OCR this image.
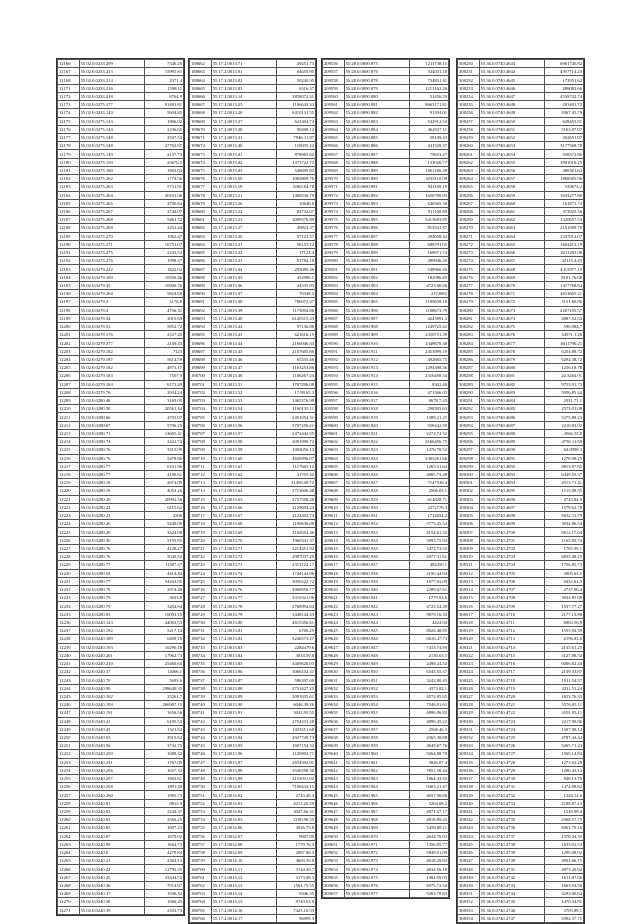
12166	55.02.0.0233.209	7346.26
12167	55.02.0.0233.213	15995.81
12168	55.02.0.0233.214	2371.4
12171	55.02.0.0233.216	1598.11
12172	55.02.0.0233.218	8764.9
12173	55.02.0.0275.177	91491.81
12174	55.02.0.0233.143	5604.85
12175	55.02.0.0275.143	1806.02
12176	55.02.0.0275.144	2236.65
12177	55.02.0.0275.148	2537.53
12178	55.02.0.0275.148	27762.87
12179	55.02.0.0275.149	2137.73
12180	55.02.0.0275.150	25676.5
12181	55.02.0.0275.160	1802.04
12182	55.02.0.0275.262	1774.56
12183	55.02.0.0275.263	5731.91
12184	55.02.0.0275.264	30101.06
12185	55.02.0.0275.265	3700.82
12186	55.02.0.0275.267	3744.07
12187	55.02.0.0275.268	5461.72
12188	55.02.0.0275.269	2252.44
12189	55.02.0.0275.270	1962.47
12190	55.02.0.0275.271	16751.07
12191	55.02.0.0275.275	2243.53
12192	55.02.0.0275.276	1998.37
12193	55.02.0.0279.222	1822.02
12194	55.02.0.0279.100	10556.46
12195	55.02.0.0279.35	16906.76
12196	55.02.0.0279.264	5824.69
12197	55.02.0.0279.3	5176.8
12198	55.02.0.0279.4	4756.31
12199	55.02.0.0279.34	3015.69
12200	55.02.0.0279.53	5852.72
12201	55.02.0.0279.176	2337.45
12202	55.02.0.0279.377	2149.43
12203	55.02.0.0279.182	7123
12204	55.02.0.0279.187	5614.59
12205	55.02.0.0279.182	4873.17
12206	55.02.0.0279.183	7507.9
12207	55.02.0.0279.184	6173.49
12208	55.02.0.0279.76	2934.24
12209	55.02.0.0280.46	3169.05
12210	55.02.0.0280.50	20561.44
12211	55.02.0.0280.66	4705.07
12212	55.02.0.0280.67	5796.25
12213	55.02.0.0280.71	13605.41
12214	55.02.0.0280.74	2422.74
12215	55.02.0.0280.76	3315.99
12216	55.02.0.0280.76	5478.86
12217	55.02.0.0280.77	6101.96
12218	55.02.0.0280.77	4108.61
12219	55.02.0.0280.18	2674.09
12220	55.02.0.0280.19	4054.26
12221	55.02.0.0280.20	20992.56
12222	55.02.0.0280.22	6115.62
12223	55.02.0.0280.23	2506
12224	55.02.0.0280.26	5440.09
12225	55.02.0.0280.29	3324.08
12226	55.02.0.0280.30	5193.85
12227	55.02.0.0280.76	4128.27
12228	55.02.0.0280.76	5040.52
12229	55.02.0.0280.77	11587.37
12230	55.02.0.0280.58	4414.44
12231	55.02.0.0280.77	34433.65
12232	55.02.0.0280.78	2974.48
12233	55.02.0.0280.79	5633.8
12234	55.02.0.0280.79	3204.94
12235	55.02.0.0280.83	10093.15
12236	55.02.0.0240.143	44063.53
12237	55.02.0.0240.192	5217.14
12238	55.02.0.0240.189	6409.19
12239	55.02.0.0240.193	16290.18
12240	55.02.0.0240.201	17962.73
12241	55.02.0.0240.210	25460.65
12242	55.02.0.0240.37	14066.1
12243	55.02.0.0240.70	5693.6
12244	55.02.0.0240.90	298640.35
12245	55.02.0.0240.102	23261.7
12246	55.02.0.0240.104	266987.15
12247	55.02.0.0240.191	1656.56
12248	55.02.0.0240.41	6195.53
12249	55.02.0.0240.45	1321.62
12250	55.02.0.0240.55	2915.62
12251	55.02.0.0240.56	3742.75
12252	55.02.0.0240.250	1688.42
12253	55.02.0.0240.251	1767.09
12254	55.02.0.0240.256	1657.33
12255	55.02.0.0240.257	1802.61
12256	55.02.0.0240.258	1891.48
12257	55.02.0.0240.260	1995.73
12258	55.02.0.0240.81	8815.9
12259	55.02.0.0240.82	2244.37
12260	55.02.0.0240.83	2566.25
12261	55.02.0.0240.85	1697.25
12262	55.02.0.0240.87	1679.02
12263	55.02.0.0240.99	1664.73
12264	55.02.0.0240.8	4279.84
12265	55.02.0.0240.21	2364.13
12266	55.02.0.0240.22	12795.35
12267	55.02.0.0240.25	33344.53
12268	55.02.0.0240.36	7914.97
12269	55.02.0.0240.37	1946.32
12270	55.02.0.0240.38	1666.45
12271	55.02.0.0240.39	2333.73
188662	55.17.2.0013.71	49251.73
188663	55.17.2.0013.81	64655.95
188664	55.17.2.0013.82	50240.95
188665	55.17.2.0013.83	6316.37
188666	55.17.2.0013.14	3858072.31
188667	55.17.2.0013.25	1106643.33
188668	55.17.2.0013.26	6410131.55
188669	55.17.2.0013.27	622304.74
188670	55.17.2.0013.28	90498.12
188671	55.17.2.0013.31	7946.11.87
188672	55.17.2.0013.40	110035.22
188673	55.17.2.0013.41	878965.64
188674	55.17.2.0013.42	1475722.73
188675	55.17.2.0013.43	546699.83
188676	55.17.2.0013.50	1065809.76
188677	55.17.2.0013.18	6365.64.78
188678	55.17.2.0013.21	1406536.79
188679	55.17.2.0013.26	10640.6
188680	55.17.2.0013.22	84732.07
188681	55.17.2.0013.23	2009376.89
188682	55.17.2.0013.27	49823.37
188683	55.17.2.0013.30	57123.57
188684	55.17.2.0013.31	96153.12
188685	55.17.2.0013.32	17123.4
188686	55.17.2.0013.33	81784.18
188687	55.17.2.0013.34	295085.46
188688	55.17.2.0013.35	452980.1
188689	55.17.2.0013.36	44535.93
188690	55.17.2.0013.37	70348.4
188691	55.17.2.0013.38	780072.37
188692	55.17.2.0013.39	1173094.86
188693	55.17.2.0013.40	6120315.43
188694	55.17.2.0013.42	97136.88
188695	55.17.2.0013.43	621616.15
188696	55.17.2.0013.44	2166946.34
188697	55.17.2.0013.45	2107605.86
188698	55.17.2.0013.46	65535.46
188699	55.17.2.0013.47	1163253.86
188700	55.17.2.0013.48	1186267.24
188701	55.17.2.0013.51	1707296.08
188702	55.17.2.0013.52	17.99.65.3
188703	55.17.2.0013.53	1465376.99
188704	55.17.2.0013.54	1160135.11
188705	55.17.2.0013.55	2451054.31
188706	55.17.2.0013.56	3707256.21
188707	55.17.2.0013.57	2472442.55
188708	55.17.2.0013.58	2091999.72
188709	55.17.2.0013.59	1003056.13
188710	55.17.2.0013.60	4826996.07
188711	55.17.2.0013.61	1117665.14
188712	55.17.2.0013.62	31705.44
188713	55.17.2.0013.63	31456.00.72
188714	55.17.2.0013.64	2713606.48
188715	55.17.2.0013.65	3757558.26
188716	55.17.2.0013.66	3129604.24
188717	55.17.2.0013.67	2123302.74
188718	55.17.2.0013.68	1190636.08
188719	55.17.2.0013.69	2162054.46
188720	55.17.2.0013.70	1960341.37
188721	55.17.2.0013.71	2214451.92
188722	55.17.2.0013.72	2987037.29
188723	55.17.2.0013.73	2312124.17
188724	55.17.2.0013.74	1744144.86
188725	55.17.2.0013.75	2050222.72
188726	55.17.2.0013.76	4960856.77
188727	55.17.2.0013.77	3316321.06
188728	55.17.2.0013.78	2768994.64
188729	55.17.2.0013.79	3448144.43
188730	55.17.2.0013.80	4615356.61
188731	55.17.2.0013.81	6706.25
188732	55.17.2.0013.82	3246573.27
188733	55.17.2.0013.83	2284479.6
188734	55.17.2.0013.84	3034.59.8
188735	55.17.2.0013.85	3469626.03
188736	55.17.2.0013.86	3066102.31
188737	55.17.2.0013.87	586397.69
188738	55.17.2.0013.88	2751427.25
188739	55.17.2.0013.89	2091935.61
188740	55.17.2.0013.90	6046.39.26
188741	55.17.2.0013.91	3043.95.55
188742	55.17.2.0013.92	2754231.28
188743	55.17.2.0013.93	1433551.68
188744	55.17.2.0013.94	2927749.73
188745	55.17.2.0013.95	1607154.32
188746	55.17.2.0013.96	1120902.71
188747	55.17.2.0013.97	2654502.91
188748	55.17.2.0013.98	3540298.38
188749	55.17.2.0013.99	2153931.02
188750	55.17.2.0014.01	7106432.15
188751	55.17.2.0014.02	2743.40.4
188752	55.17.2.0014.03	4213.20.59
188753	55.17.2.0014.04	3047.66.31
188754	55.17.2.0014.05	2100.98.55
188755	55.17.2.0014.06	3026.75.8
188756	55.17.2.0014.07	9007.89
188757	55.17.2.0014.08	1770.76.3
188758	55.17.2.0014.09	2087.88.3
188759	55.17.2.0014.10	4603.59.8
188760	55.17.2.0014.11	3144.30.7
188761	55.17.2.0014.12	3173.08.3
188762	55.17.2.0014.13	1564.75.55
188763	55.17.2.0014.14	9346.35
188764	55.17.2.0014.15	9743.53.9
188765	55.17.2.0014.16	7425.10.53
188766	55.17.2.0014.17	96999.3
209556	55.28.0.0000.875	1211738.15
209557	55.28.0.0000.876	334031.18
209558	55.28.0.0000.878	734851.41
209559	55.28.0.0000.879	1213162.26
209560	55.28.0.0000.880	51456.59
209561	55.28.0.0000.881	8665171.81
209562	55.28.0.0000.882	91394.01
209563	55.28.0.0000.883	542912.53
209564	55.28.0.0000.884	462027.11
209565	55.28.0.0000.885	58109.43
209566	55.28.0.0000.886	441528.37
209567	55.28.0.0000.887	79653.27
209568	55.28.0.0000.888	133020.77
209569	55.28.0.0000.889	1861166.39
209570	55.28.0.0000.890	3235110.09
209571	55.28.0.0000.891	941169.19
209572	55.28.0.0000.892	1656700.93
209573	55.28.0.0000.893	646565.38
209574	55.28.0.0000.894	911108.89
209575	55.28.0.0000.895	5413603.85
209576	55.28.0.0000.896	813541.87
209577	55.28.0.0000.897	204058.44
209578	55.28.0.0000.898	688791.05
209579	55.28.0.0000.899	168971.74
209580	55.28.0.0000.900	289946.49
209581	55.28.0.0000.901	548960.46
209582	55.28.0.0000.902	182986.85
209583	55.28.0.0000.903	4723.90.66
209584	55.28.0.0000.904	2372882
209585	55.28.0.0000.905	1199658.19
209586	55.28.0.0000.906	1188673.79
209587	55.28.0.0000.907	4245891.3
209588	55.28.0.0000.908	1249725.42
209589	55.28.0.0000.909	2350751.39
209590	55.28.0.0000.910	2348678.38
209591	55.28.0.0000.911	2453999.19
209592	55.28.0.0000.912	492665.75
209593	55.28.0.0000.913	1294398.36
209594	55.28.0.0000.914	2316458.34
209595	55.28.0.0000.915	8302.48
209596	55.28.0.0000.916	471366.05
209597	55.28.0.0000.917	9678.7.43
209598	55.28.0.0000.918	298395.63
209599	55.28.0.0000.919	1389.21.25
209600	55.28.0.0000.920	558442.59
209601	55.28.0.0000.921	2274.74.32
209602	55.28.0.0000.922	3166456.75
209603	55.28.0.0000.923	1476.78.52
209604	55.28.0.0000.924	3305261.66
209605	55.28.0.0000.925	1265.01.64
209606	55.28.0.0000.926	4885.73.48
209607	55.28.0.0000.927	7147536.4
209608	55.28.0.0000.928	2566.03.1
209609	55.28.0.0000.929	614828.71
209610	55.28.0.0000.930	2272776.3
209611	55.28.0.0000.931	1712654.2
209612	55.28.0.0000.932	5775.45.54
209613	55.28.0.0000.933	4154.81.33
209614	55.28.0.0000.934	5095.75.94
209615	55.28.0.0000.935	3472.73.53
209616	55.28.0.0000.936	2077.31.61
209617	55.28.0.0000.937	482450.1
209618	55.28.0.0000.938	2190.44.94
209619	55.28.0.0000.939	1877.03.09
209620	55.28.0.0000.940	2289.67.61
209621	55.28.0.0000.941	1779.93.6
209622	55.28.0.0000.942	4723.54.39
209623	55.28.0.0000.943	9879.16.33
209624	55.28.0.0000.944	4424.94
209625	55.28.0.0000.945	8826.48.85
209626	55.28.0.0000.946	6616.47.73
209627	55.28.0.0000.947	7413.74.69
209628	55.28.0.0000.948	2130.63.5
209629	55.28.0.0000.949	2498.24.54
209630	55.28.0.0000.950	6545.55.37
209631	55.28.0.0000.951	3243.80.45
209632	55.28.0.0000.952	4373.82.1
209633	55.28.0.0000.953	4574.85.85
209634	55.28.0.0000.954	7546.81.61
209635	55.28.0.0000.955	4896.86.82
209636	55.28.0.0000.956	4890.45.22
209637	55.28.0.0000.957	2568.46.3
209638	55.28.0.0000.958	2365.38.88
209639	55.28.0.0000.959	3649.67.76
209640	55.28.0.0000.960	5664.88.78
209641	55.28.0.0000.961	5846.07.4
209642	55.28.0.0000.962	7853.58.44
209643	55.28.0.0000.963	1864.43.35
209644	55.28.0.0000.964	9463.21.47
209645	55.28.0.0000.965	4657.90.66
209646	55.28.0.0000.966	3204.69.2
209647	55.28.0.0000.967	4871.37.17
209648	55.28.0.0000.968	4818.89.43
209649	55.28.0.0000.969	5458.88.11
209650	55.28.0.0000.970	2644.78.03
209651	55.28.0.0000.971	1456.05.77
209652	55.28.0.0000.972	5849.01.09
209653	55.28.0.0000.973	4618.29.83
209654	55.28.0.0000.974	4634.56.18
209655	55.28.0.0000.975	1484.09.05
209656	55.28.0.0000.976	6975.72.54
209657	55.28.0.0000.977	5283.78.83
308250	55.36.0.0740.4643	6961740.82
308251	55.36.0.0740.4644	4957714.23
308252	55.36.0.0740.4645	172951.62
308253	55.36.0.0740.4646	286082.66
308254	55.36.0.0740.4647	4539742.74
308255	55.36.0.0740.4648	293491.72
308256	55.36.0.0740.4649	3367.45.79
308257	55.36.0.0740.4650	628455.81
308258	55.36.0.0740.4651	5163.87.07
308259	55.36.0.0740.4652	262651.07
308260	55.36.0.0740.4653	3177568.78
308261	55.36.0.0740.4654	938372.86
308262	55.36.0.0740.4655	3901018.25
308263	55.36.0.0740.4656	480301.64
308264	55.36.0.0740.4657	1868505.96
308265	55.36.0.0740.4658	539674.2
308266	55.36.0.0740.4659	1633277.86
308267	55.36.0.0740.4660	161871.74
308268	55.36.0.0740.4661	373925.56
308269	55.36.0.0740.4662	1320657.53
308270	55.36.0.0740.4663	2151909.78
308271	55.36.0.0740.4664	2347014.07
308272	55.36.0.0740.4665	1604413.19
308273	55.36.0.0740.4666	4211283.08
308274	55.36.0.0740.4667	32115.4.45
308275	55.36.0.0740.4668	4315977.15
308276	55.36.0.0740.4669	8101.76.68
308277	55.36.0.0740.4670	1417768.64
308278	55.36.0.0740.4671	4813605.21
308279	55.36.0.0740.4672	3151.60.86
308280	55.36.0.0740.4673	4207195.57
308281	55.36.0.0740.4674	4887.52.53
308282	55.36.0.0740.4675	596.984.7
308283	55.36.0.0740.4676	34571.1.26
308284	55.36.0.0740.4677	4011796.21
308285	55.36.0.0740.4678	6254.88.72
308286	55.36.0.0740.4679	6294.38.72
308287	55.36.0.0740.4680	1256.18.78
308288	55.36.0.0740.4681	22.3264.91
308289	55.36.0.0740.4682	9753.91.73
308290	55.36.0.0740.4683	5956.85.44
308291	55.36.0.0740.4684	2911.71.1
308292	55.36.0.0740.4685	2573.01.09
308293	55.36.0.0740.4686	5275.88.23
308294	55.36.0.0740.4687	2210.93.92
308295	55.36.0.0740.4688	4566.55.8
308296	55.36.0.0740.4689	4750.11.69
308297	55.36.0.0740.4690	64.0998.3
308298	55.36.0.0740.4691	1278.98.25
308299	55.36.0.0740.4692	3813.97.65
308300	55.36.0.0740.4693	6449.55.37
308301	55.36.0.0740.4694	2513.71.41
308302	55.36.0.0740.4695	1115.08.55
308303	55.36.0.0740.4696	2745.84.9
308304	55.36.0.0740.4697	1579.62.78
308305	55.36.0.0740.4698	5032.11.79
308306	55.36.0.0740.4699	3034.86.54
308307	55.36.0.0740.4700	5612.17.04
308308	55.36.0.0740.4701	1165.83.74
308309	55.36.0.0740.4702	1785.99.1
308310	55.36.0.0740.4703	6835.48.25
308311	55.36.0.0740.4704	1756.85.73
308312	55.36.0.0740.4705	3905.61.1
308313	55.36.0.0740.4706	9452.61.3
308314	55.36.0.0740.4707	2737.96.4
308315	55.36.0.0740.4708	3032.85.69
308316	55.36.0.0740.4709	1537.77.27
308317	55.36.0.0740.4710	2177.13.88
308318	55.36.0.0740.4711	6063.56.8
308319	55.36.0.0740.4712	1555.94.39
308320	55.36.0.0740.4713	2196.83.6
308321	55.36.0.0740.4714	2135.61.25
308322	55.36.0.0740.4715	3127.88.52
308323	55.36.0.0740.4716	6006.82.44
308324	55.36.0.0740.4717	2139.33.87
308325	55.36.0.0740.4718	1911.54.57
308326	55.36.0.0740.4719	3211.51.24
308327	55.36.0.0740.4720	1653.76.33
308328	55.36.0.0740.4721	5376.05.11
308329	55.36.0.0740.4722	3101.85.11
308330	55.36.0.0740.4723	2217.90.86
308331	55.36.0.0740.4724	1307.98.14
308332	55.36.0.0740.4725	4787.44.44
308333	55.36.0.0740.4726	3265.71.24
308334	55.36.0.0740.4727	1569.14.84
308335	55.36.0.0740.4728	1273.02.28
308336	55.36.0.0740.4729	1206.43.12
308337	55.36.0.0740.4730	948.13.76
308338	55.36.0.0740.4731	1474.08.82
308339	55.36.0.0740.4732	1244.14.6
308340	55.36.0.0740.4733	2188.87.13
308341	55.36.0.0740.4734	1549.98.8
308342	55.36.0.0740.4735	2368.57.75
308343	55.36.0.0740.4736	6063.70.16
308344	55.36.0.0740.4737	1376.24.35
308345	55.36.0.0740.4738	1633.01.53
308346	55.36.0.0740.4739	1290.08.92
308347	55.36.0.0740.4740	4903.66.15
308348	55.36.0.0740.4741	4873.20.92
308349	55.36.0.0740.4742	1611.97.66
308350	55.36.0.0740.4743	1663.94.56
308351	55.36.0.0740.4744	4293.00.64
308352	55.36.0.0740.4745	1470.34.91
308353	55.36.0.0740.4746	3705.89.1
308354	55.36.0.0740.4747	3392.57.71
